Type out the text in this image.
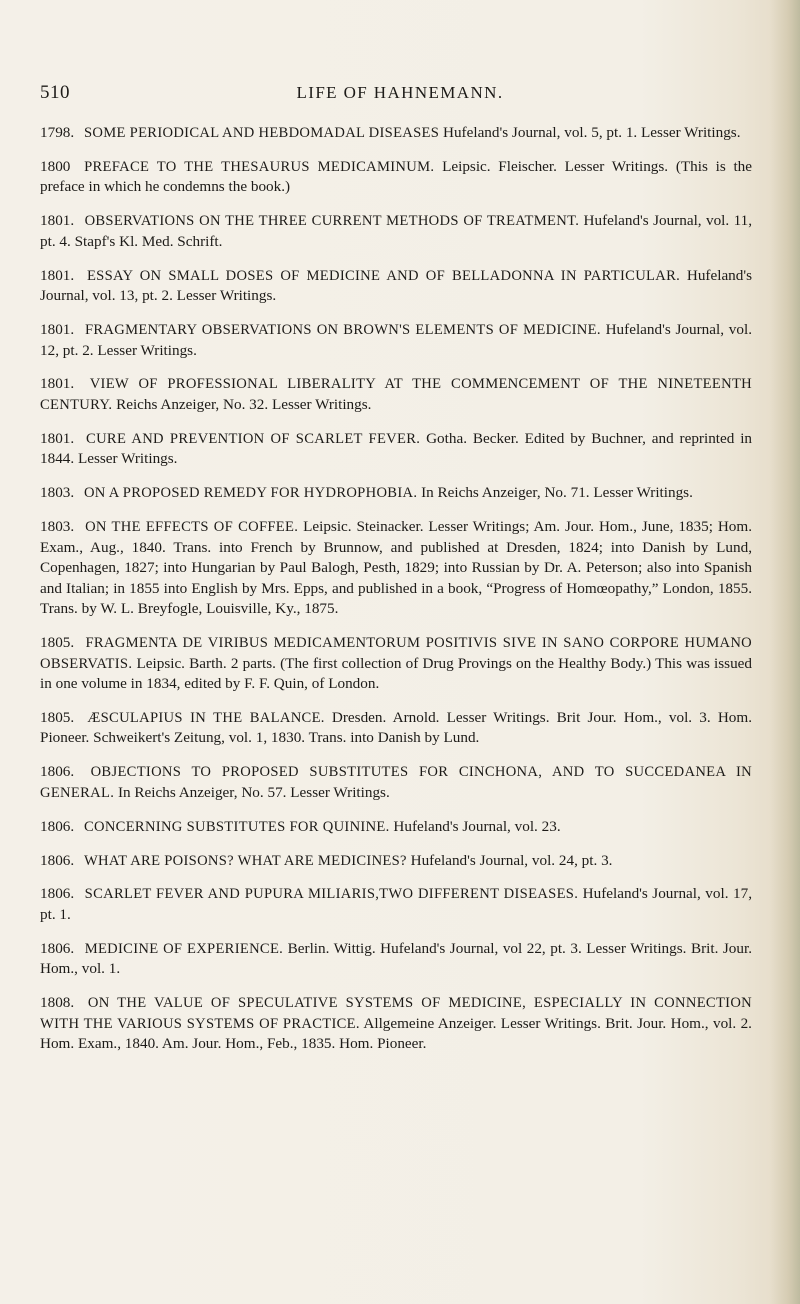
510	LIFE OF HAHNEMANN.

1798. SOME PERIODICAL AND HEBDOMADAL DISEASES Hufeland's Journal, vol. 5, pt. 1. Lesser Writings.

1800 PREFACE TO THE THESAURUS MEDICAMINUM. Leipsic. Fleischer. Lesser Writings. (This is the preface in which he condemns the book.)

1801. OBSERVATIONS ON THE THREE CURRENT METHODS OF TREATMENT. Hufeland's Journal, vol. 11, pt. 4. Stapf's Kl. Med. Schrift.

1801. ESSAY ON SMALL DOSES OF MEDICINE AND OF BELLADONNA IN PARTICULAR. Hufeland's Journal, vol. 13, pt. 2. Lesser Writings.

1801. FRAGMENTARY OBSERVATIONS ON BROWN'S ELEMENTS OF MEDICINE. Hufeland's Journal, vol. 12, pt. 2. Lesser Writings.

1801. VIEW OF PROFESSIONAL LIBERALITY AT THE COMMENCEMENT OF THE NINETEENTH CENTURY. Reichs Anzeiger, No. 32. Lesser Writings.

1801. CURE AND PREVENTION OF SCARLET FEVER. Gotha. Becker. Edited by Buchner, and reprinted in 1844. Lesser Writings.

1803. ON A PROPOSED REMEDY FOR HYDROPHOBIA. In Reichs Anzeiger, No. 71. Lesser Writings.

1803. ON THE EFFECTS OF COFFEE. Leipsic. Steinacker. Lesser Writings; Am. Jour. Hom., June, 1835; Hom. Exam., Aug., 1840. Trans. into French by Brunnow, and published at Dresden, 1824; into Danish by Lund, Copenhagen, 1827; into Hungarian by Paul Balogh, Pesth, 1829; into Russian by Dr. A. Peterson; also into Spanish and Italian; in 1855 into English by Mrs. Epps, and published in a book, “Progress of Homœopathy,” London, 1855. Trans. by W. L. Breyfogle, Louisville, Ky., 1875.

1805. FRAGMENTA DE VIRIBUS MEDICAMENTORUM POSITIVIS SIVE IN SANO CORPORE HUMANO OBSERVATIS. Leipsic. Barth. 2 parts. (The first collection of Drug Provings on the Healthy Body.) This was issued in one volume in 1834, edited by F. F. Quin, of London.

1805. ÆSCULAPIUS IN THE BALANCE. Dresden. Arnold. Lesser Writings. Brit Jour. Hom., vol. 3. Hom. Pioneer. Schweikert's Zeitung, vol. 1, 1830. Trans. into Danish by Lund.

1806. OBJECTIONS TO PROPOSED SUBSTITUTES FOR CINCHONA, AND TO SUCCEDANEA IN GENERAL. In Reichs Anzeiger, No. 57. Lesser Writings.

1806. CONCERNING SUBSTITUTES FOR QUININE. Hufeland's Journal, vol. 23.

1806. WHAT ARE POISONS? WHAT ARE MEDICINES? Hufeland's Journal, vol. 24, pt. 3.

1806. SCARLET FEVER AND PUPURA MILIARIS,TWO DIFFERENT DISEASES. Hufeland's Journal, vol. 17, pt. 1.

1806. MEDICINE OF EXPERIENCE. Berlin. Wittig. Hufeland's Journal, vol 22, pt. 3. Lesser Writings. Brit. Jour. Hom., vol. 1.

1808. ON THE VALUE OF SPECULATIVE SYSTEMS OF MEDICINE, ESPECIALLY IN CONNECTION WITH THE VARIOUS SYSTEMS OF PRACTICE. Allgemeine Anzeiger. Lesser Writings. Brit. Jour. Hom., vol. 2. Hom. Exam., 1840. Am. Jour. Hom., Feb., 1835. Hom. Pioneer.
